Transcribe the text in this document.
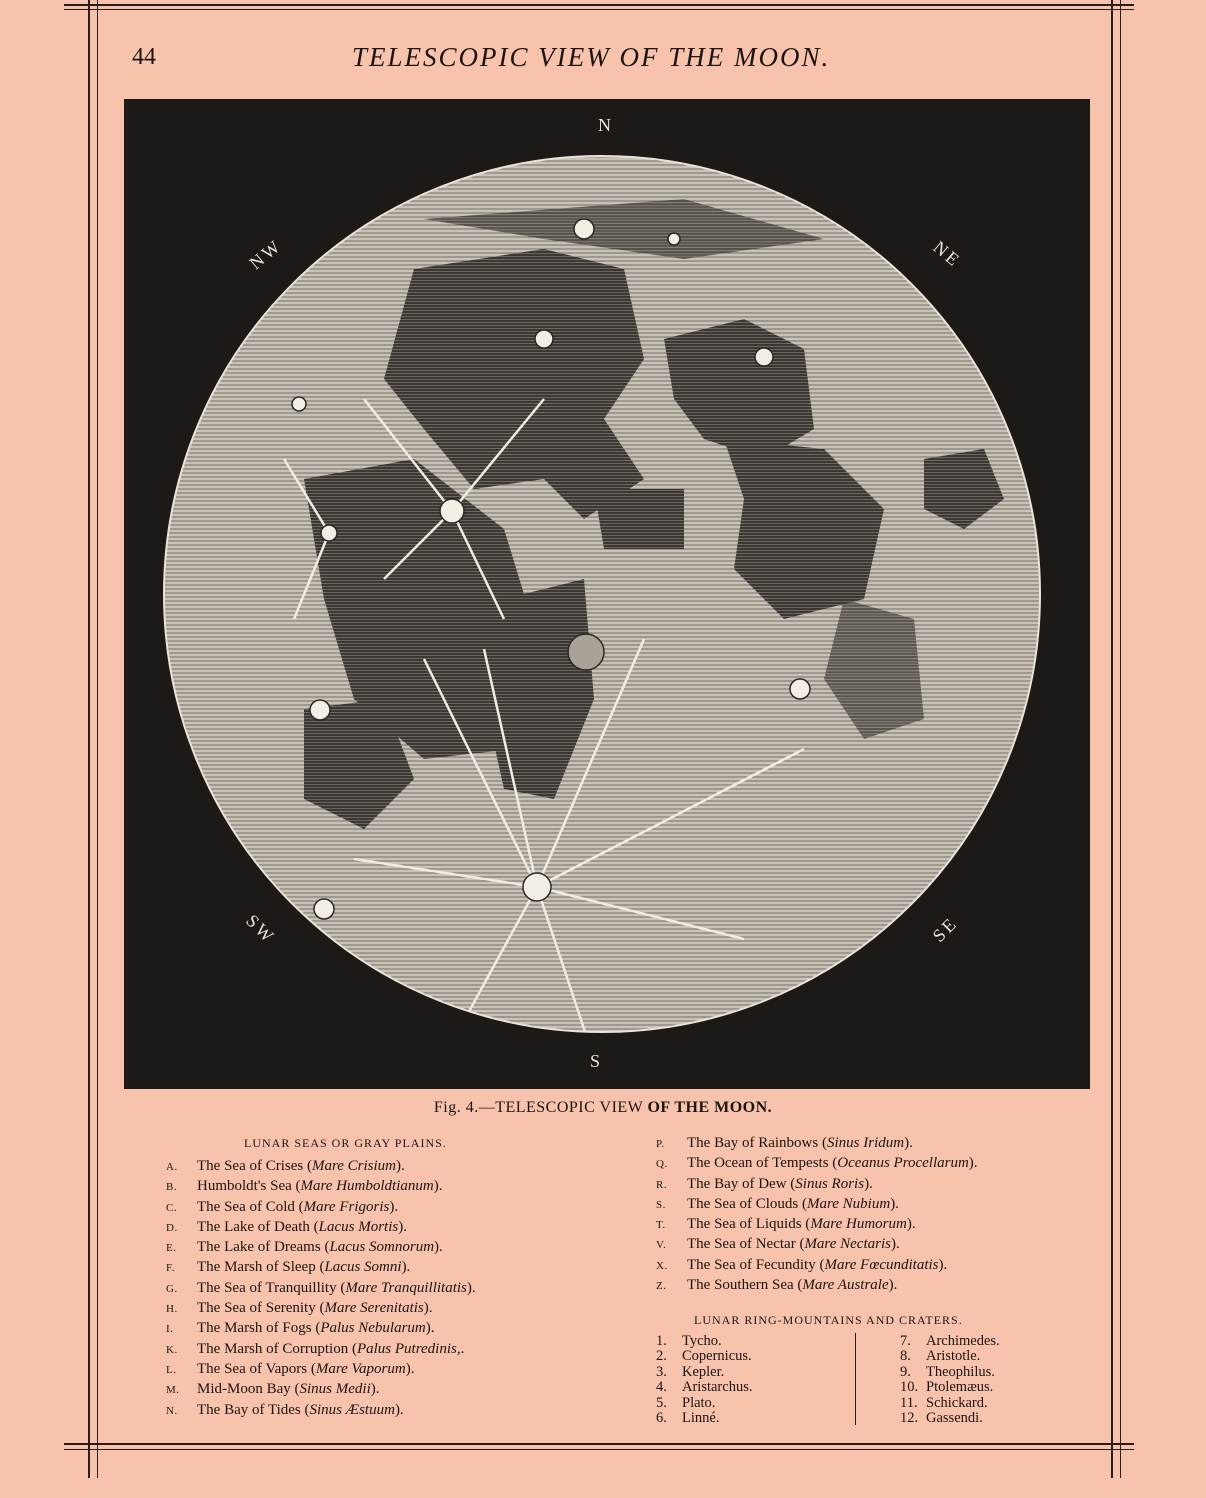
44	TELESCOPIC VIEW OF THE MOON.
N
NE
SE
S
SW
NW
Fig. 4.—TELESCOPIC VIEW OF THE MOON.
LUNAR SEAS OR GRAY PLAINS.
A. The Sea of Crises (Mare Crisium).
B. Humboldt's Sea (Mare Humboldtianum).
C. The Sea of Cold (Mare Frigoris).
D. The Lake of Death (Lacus Mortis).
E. The Lake of Dreams (Lacus Somnorum).
F. The Marsh of Sleep (Lacus Somni).
G. The Sea of Tranquillity (Mare Tranquillitatis).
H. The Sea of Serenity (Mare Serenitatis).
I. The Marsh of Fogs (Palus Nebularum).
K. The Marsh of Corruption (Palus Putredinis,.
L. The Sea of Vapors (Mare Vaporum).
M. Mid-Moon Bay (Sinus Medii).
N. The Bay of Tides (Sinus Æstuum).
P. The Bay of Rainbows (Sinus Iridum).
Q. The Ocean of Tempests (Oceanus Procellarum).
R. The Bay of Dew (Sinus Roris).
S. The Sea of Clouds (Mare Nubium).
T. The Sea of Liquids (Mare Humorum).
V. The Sea of Nectar (Mare Nectaris).
X. The Sea of Fecundity (Mare Fœcunditatis).
Z. The Southern Sea (Mare Australe).
LUNAR RING-MOUNTAINS AND CRATERS.
1. Tycho.
2. Copernicus.
3. Kepler.
4. Aristarchus.
5. Plato.
6. Linné.
7. Archimedes.
8. Aristotle.
9. Theophilus.
10. Ptolemæus.
11. Schickard.
12. Gassendi.
